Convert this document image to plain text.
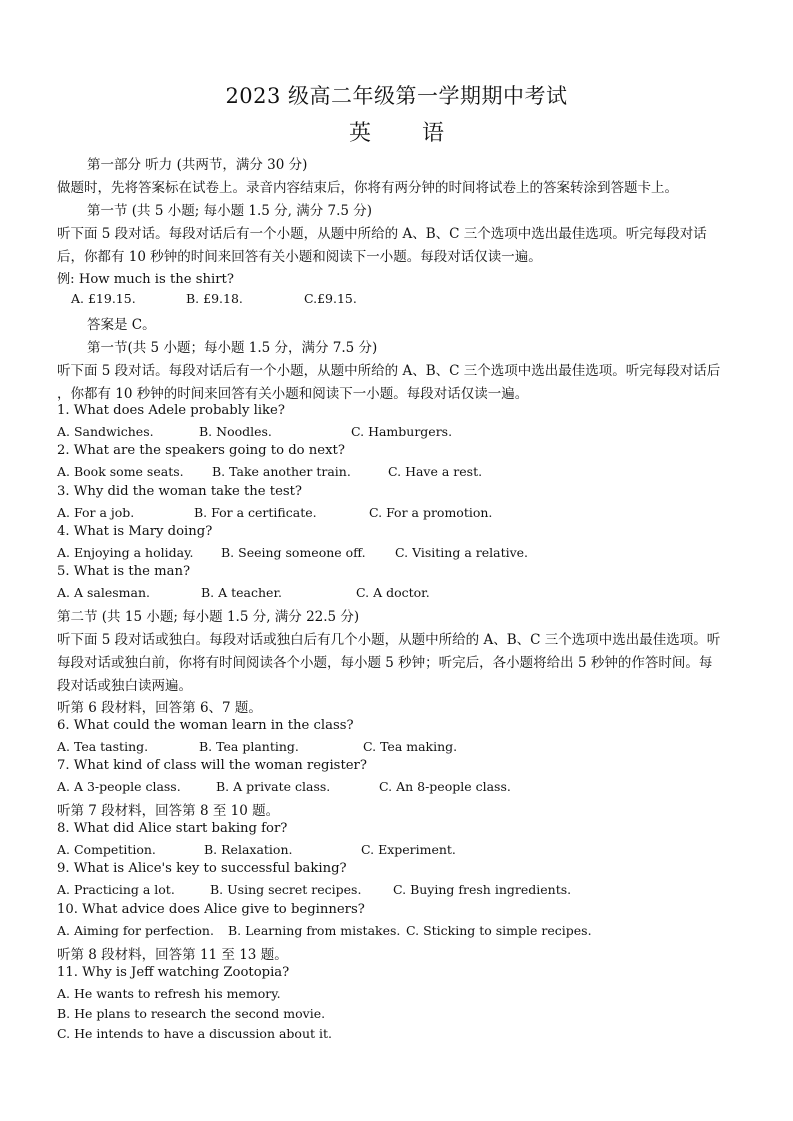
2023 级高二年级第一学期期中考试
英 语
第一部分 听力 (共两节，满分 30 分)
做题时，先将答案标在试卷上。录音内容结束后，你将有两分钟的时间将试卷上的答案转涂到答题卡上。
第一节 (共 5 小题; 每小题 1.5 分, 满分 7.5 分)
听下面 5 段对话。每段对话后有一个小题，从题中所给的 A、B、C 三个选项中选出最佳选项。听完每段对话
后，你都有 10 秒钟的时间来回答有关小题和阅读下一小题。每段对话仅读一遍。
例: How much is the shirt?
A. £19.15.	B. £9.18.	C.£9.15.
答案是 C。
第一节(共 5 小题；每小题 1.5 分，满分 7.5 分)
听下面 5 段对话。每段对话后有一个小题，从题中所给的 A、B、C 三个选项中选出最佳选项。听完每段对话后
，你都有 10 秒钟的时间来回答有关小题和阅读下一小题。每段对话仅读一遍。
1. What does Adele probably like?
A. Sandwiches.	B. Noodles.	C. Hamburgers.
2. What are the speakers going to do next?
A. Book some seats. B. Take another train.	C. Have a rest.
3. Why did the woman take the test?
A. For a job.	B. For a certificate.	C. For a promotion.
4. What is Mary doing?
A. Enjoying a holiday. B. Seeing someone off. C. Visiting a relative.
5. What is the man?
A. A salesman.	B. A teacher.	C. A doctor.
第二节 (共 15 小题; 每小题 1.5 分, 满分 22.5 分)
听下面 5 段对话或独白。每段对话或独白后有几个小题，从题中所给的 A、B、C 三个选项中选出最佳选项。听
每段对话或独白前，你将有时间阅读各个小题，每小题 5 秒钟；听完后，各小题将给出 5 秒钟的作答时间。每
段对话或独白读两遍。
听第 6 段材料，回答第 6、7 题。
6. What could the woman learn in the class?
A. Tea tasting.	B. Tea planting.	C. Tea making.
7. What kind of class will the woman register?
A. A 3-people class.	B. A private class.	C. An 8-people class.
听第 7 段材料，回答第 8 至 10 题。
8. What did Alice start baking for?
A. Competition.	B. Relaxation.	C. Experiment.
9. What is Alice's key to successful baking?
A. Practicing a lot.	B. Using secret recipes.	C. Buying fresh ingredients.
10. What advice does Alice give to beginners?
A. Aiming for perfection. B. Learning from mistakes. C. Sticking to simple recipes.
听第 8 段材料，回答第 11 至 13 题。
11. Why is Jeff watching Zootopia?
A. He wants to refresh his memory.
B. He plans to research the second movie.
C. He intends to have a discussion about it.
